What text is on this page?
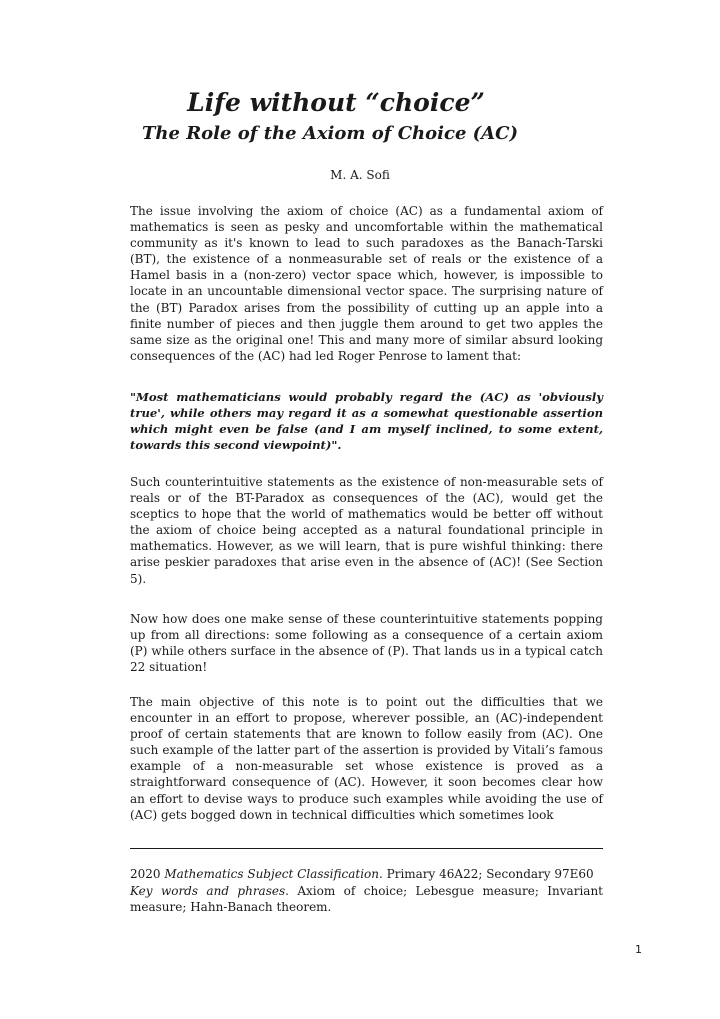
Life without “choice”
The Role of the Axiom of Choice (AC)

M. A. Sofi

The issue involving the axiom of choice (AC) as a fundamental axiom of mathematics is seen as pesky and uncomfortable within the mathematical community as it's known to lead to such paradoxes as the Banach-Tarski (BT), the existence of a nonmeasurable set of reals or the existence of a Hamel basis in a (non-zero) vector space which, however, is impossible to locate in an uncountable dimensional vector space. The surprising nature of the (BT) Paradox arises from the possibility of cutting up an apple into a finite number of pieces and then juggle them around to get two apples the same size as the original one! This and many more of similar absurd looking consequences of the (AC) had led Roger Penrose to lament that:

"Most mathematicians would probably regard the (AC) as 'obviously true', while others may regard it as a somewhat questionable assertion which might even be false (and I am myself inclined, to some extent, towards this second viewpoint)".

Such counterintuitive statements as the existence of non-measurable sets of reals or of the BT-Paradox as consequences of the (AC), would get the sceptics to hope that the world of mathematics would be better off without the axiom of choice being accepted as a natural foundational principle in mathematics. However, as we will learn, that is pure wishful thinking: there arise peskier paradoxes that arise even in the absence of (AC)! (See Section 5).

Now how does one make sense of these counterintuitive statements popping up from all directions: some following as a consequence of a certain axiom (P) while others surface in the absence of (P). That lands us in a typical catch 22 situation!

The main objective of this note is to point out the difficulties that we encounter in an effort to propose, wherever possible, an (AC)-independent proof of certain statements that are known to follow easily from (AC). One such example of the latter part of the assertion is provided by Vitali’s famous example of a non-measurable set whose existence is proved as a straightforward consequence of (AC). However, it soon becomes clear how an effort to devise ways to produce such examples while avoiding the use of (AC) gets bogged down in technical difficulties which sometimes look

2020 Mathematics Subject Classification. Primary 46A22; Secondary 97E60

Key words and phrases. Axiom of choice; Lebesgue measure; Invariant measure; Hahn-Banach theorem.

1
